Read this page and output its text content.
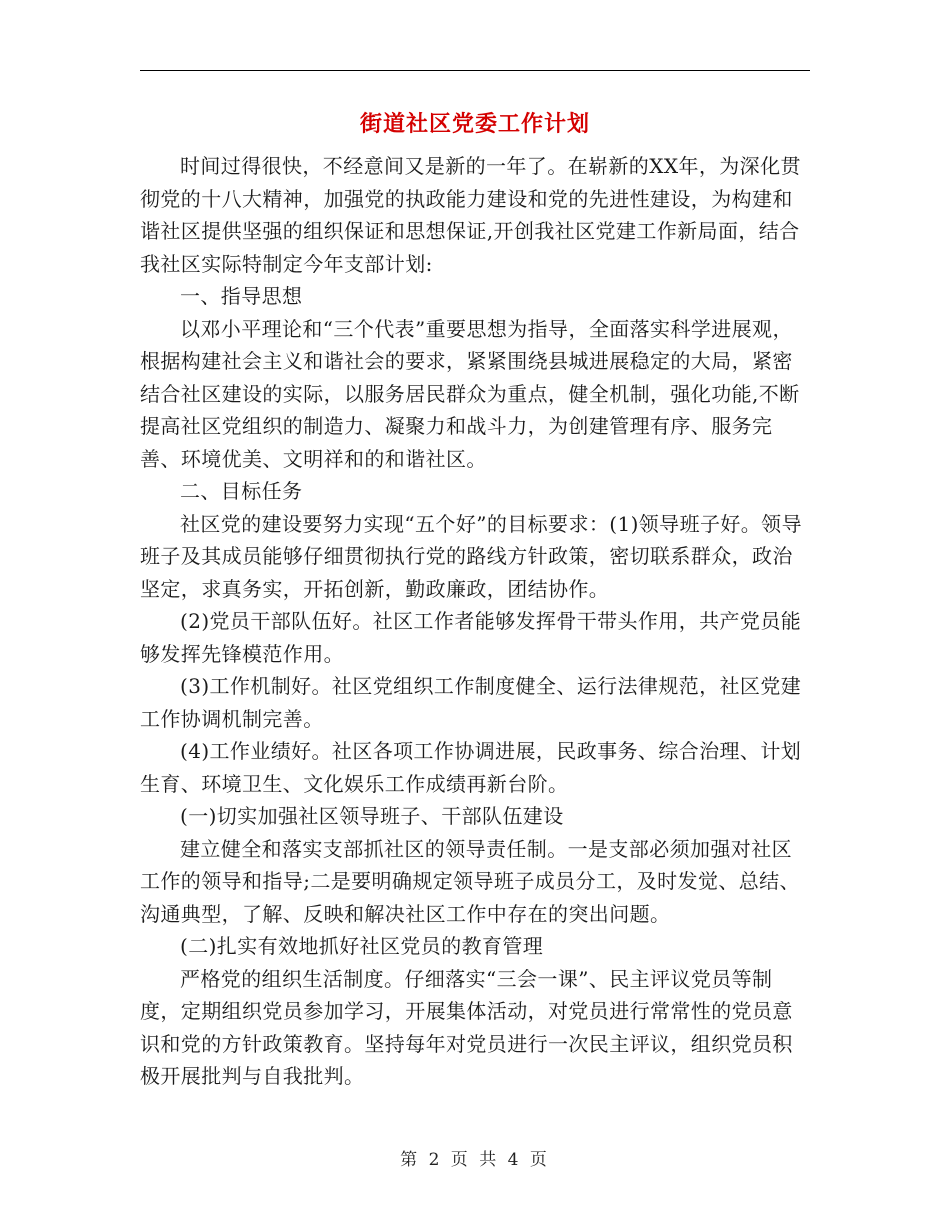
街道社区党委工作计划

时间过得很快，不经意间又是新的一年了。在崭新的XX年，为深化贯彻党的十八大精神，加强党的执政能力建设和党的先进性建设，为构建和谐社区提供坚强的组织保证和思想保证,开创我社区党建工作新局面，结合我社区实际特制定今年支部计划:

一、指导思想

以邓小平理论和“三个代表”重要思想为指导，全面落实科学进展观，根据构建社会主义和谐社会的要求，紧紧围绕县城进展稳定的大局，紧密结合社区建设的实际，以服务居民群众为重点，健全机制，强化功能,不断提高社区党组织的制造力、凝聚力和战斗力，为创建管理有序、服务完善、环境优美、文明祥和的和谐社区。

二、目标任务

社区党的建设要努力实现“五个好”的目标要求：(1)领导班子好。领导班子及其成员能够仔细贯彻执行党的路线方针政策，密切联系群众，政治坚定，求真务实，开拓创新，勤政廉政，团结协作。

(2)党员干部队伍好。社区工作者能够发挥骨干带头作用，共产党员能够发挥先锋模范作用。

(3)工作机制好。社区党组织工作制度健全、运行法律规范，社区党建工作协调机制完善。

(4)工作业绩好。社区各项工作协调进展，民政事务、综合治理、计划生育、环境卫生、文化娱乐工作成绩再新台阶。

(一)切实加强社区领导班子、干部队伍建设

建立健全和落实支部抓社区的领导责任制。一是支部必须加强对社区工作的领导和指导;二是要明确规定领导班子成员分工，及时发觉、总结、沟通典型，了解、反映和解决社区工作中存在的突出问题。

(二)扎实有效地抓好社区党员的教育管理

严格党的组织生活制度。仔细落实“三会一课”、民主评议党员等制度，定期组织党员参加学习，开展集体活动，对党员进行常常性的党员意识和党的方针政策教育。坚持每年对党员进行一次民主评议，组织党员积极开展批判与自我批判。

第 2 页 共 4 页
